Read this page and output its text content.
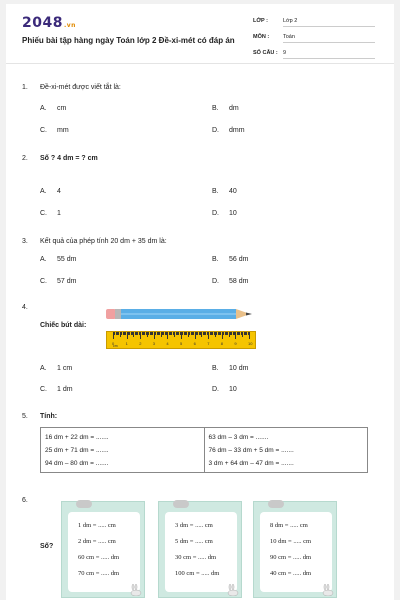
2048.vn
Phiếu bài tập hàng ngày Toán lớp 2 Đề-xi-mét có đáp án
LỚP :	Lớp 2
MÔN :	Toán
SỐ CÂU : 9
1. Đề-xi-mét được viết tắt là:
A. cm	B. dm
C. mm	D. dmm
2. Số ? 4 dm = ? cm
A. 4	B. 40
C. 1	D. 10
3. Kết quả của phép tính 20 dm + 35 dm là:
A. 55 dm	B. 56 dm
C. 57 dm	D. 58 dm
4.
Chiếc bút dài:
0	1	2	3	4	5	6	7	8	9	10
cm
A. 1 cm	B. 10 dm
C. 1 dm	D. 10
5. Tính:
16 dm + 22 dm = .......
25 dm + 71 dm = .......
94 dm – 80 dm = .......
63 dm – 3 dm = .......
76 dm – 33 dm + 5 dm = .......
3 dm + 64 dm – 47 dm = .......
6.
Số?
1 dm = ..... cm
2 dm = ..... cm
60 cm = ..... dm
70 cm = ..... dm
3 dm = ..... cm
5 dm = ..... cm
30 cm = ..... dm
100 cm = ..... dm
8 dm = ..... cm
10 dm = ..... cm
90 cm = ..... dm
40 cm = ..... dm
